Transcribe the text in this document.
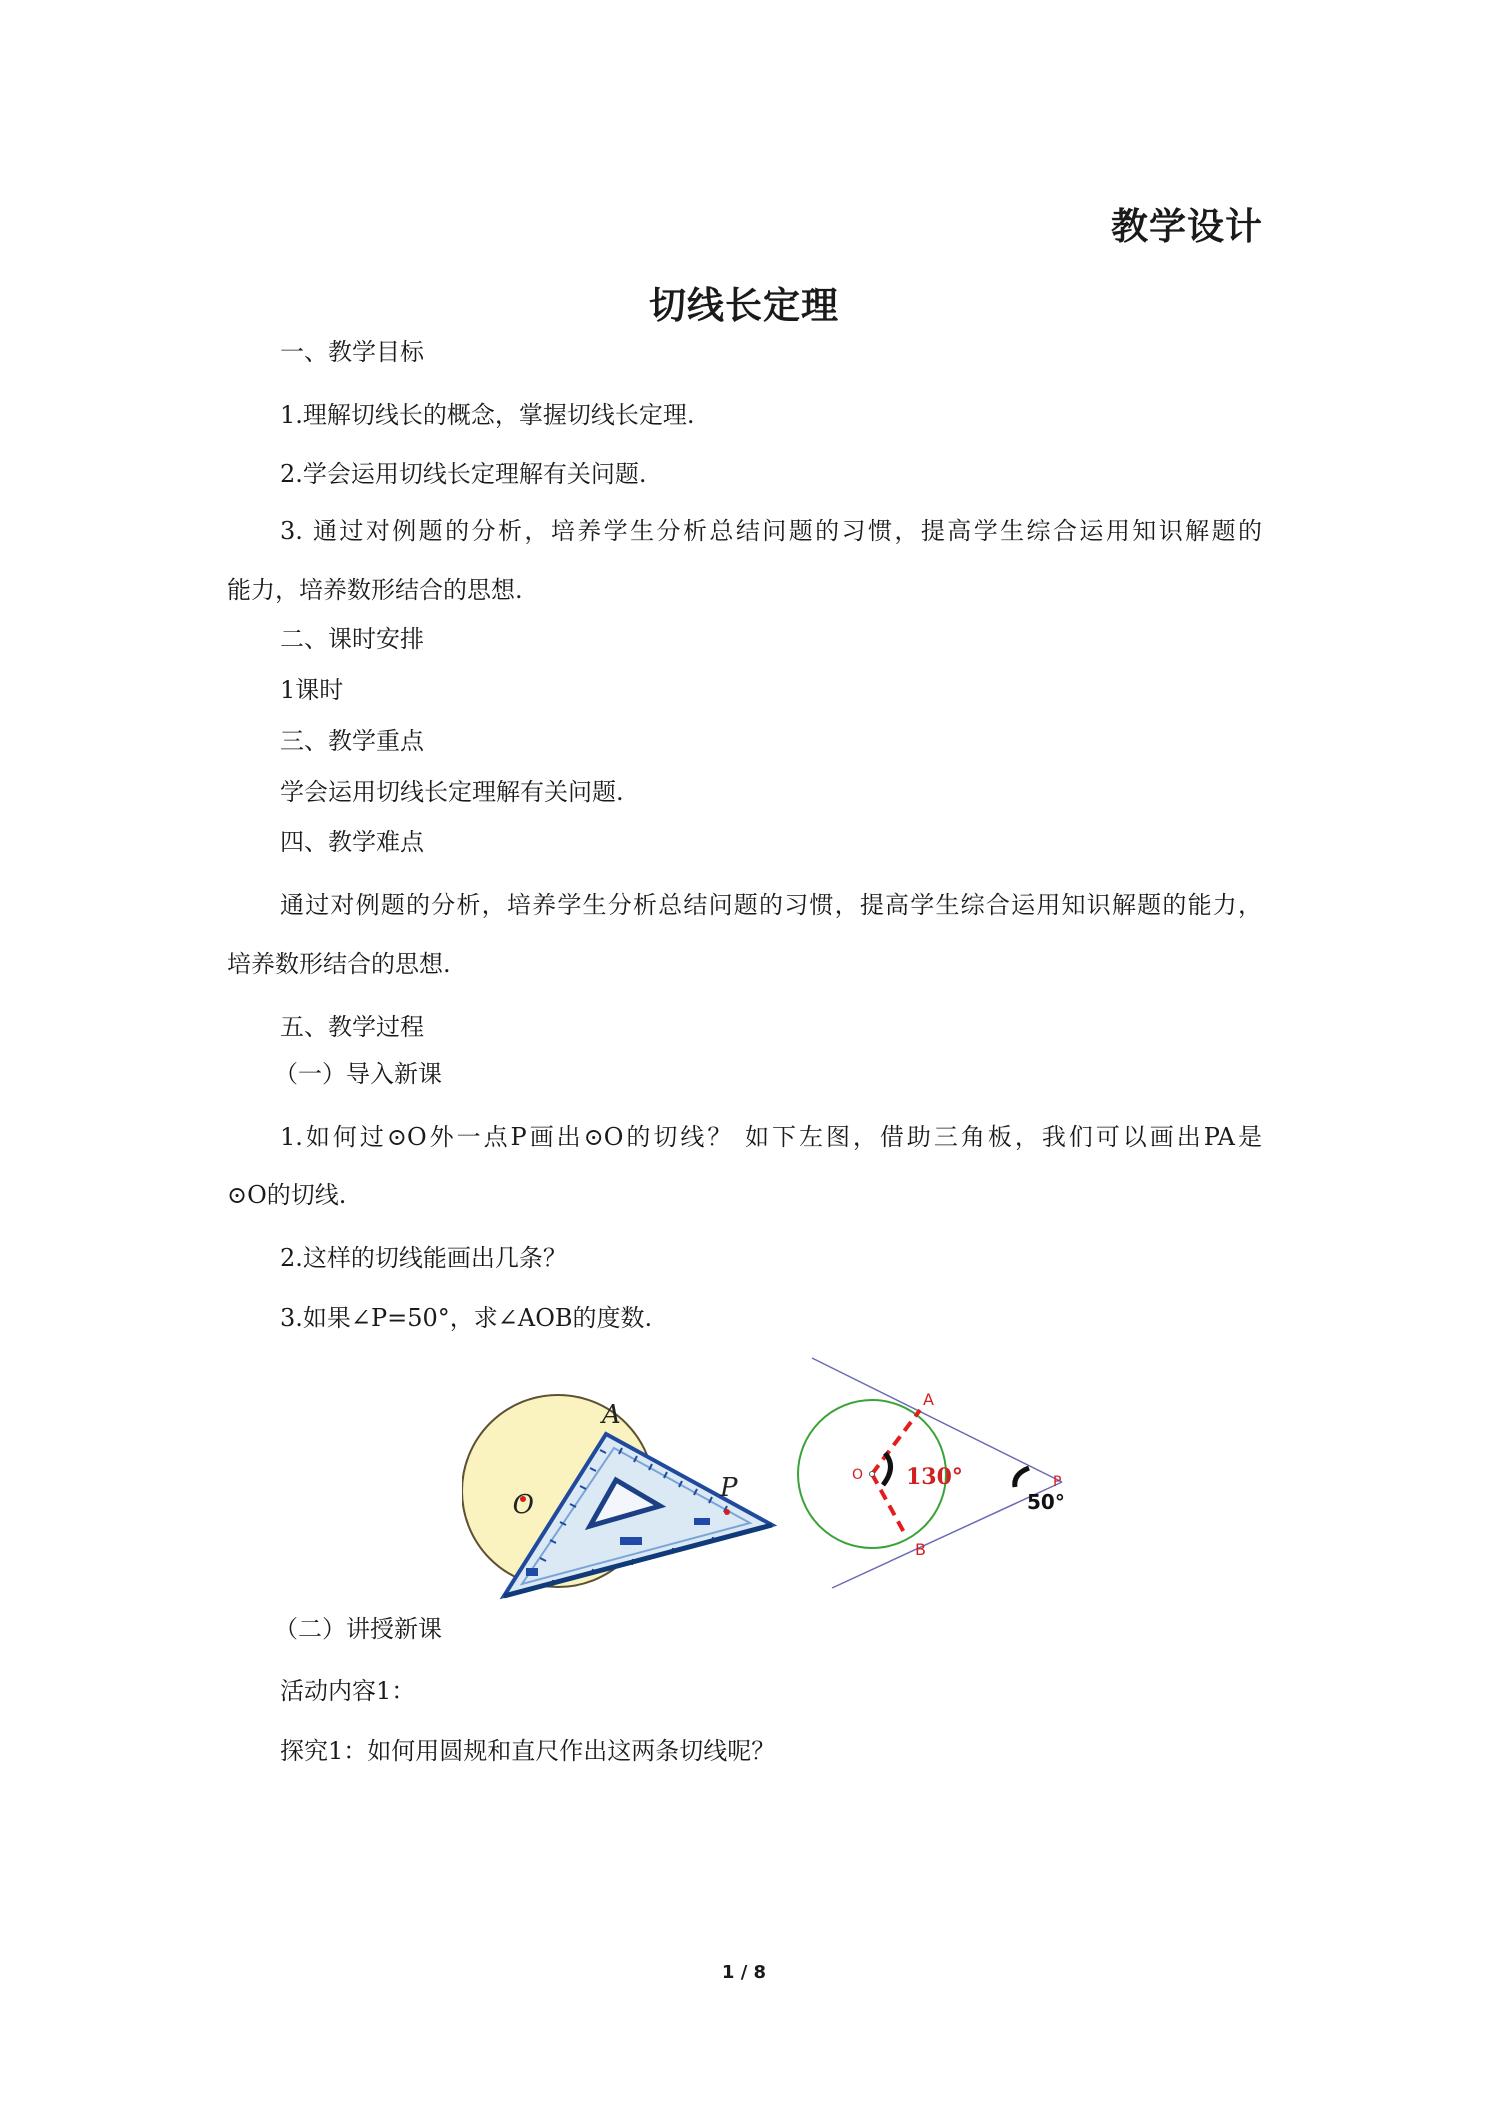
教学设计
切线长定理
一、教学目标
1.理解切线长的概念，掌握切线长定理.
2.学会运用切线长定理解有关问题.
3. 通过对例题的分析，培养学生分析总结问题的习惯，提高学生综合运用知识解题的
能力，培养数形结合的思想.
二、课时安排
1课时
三、教学重点
学会运用切线长定理解有关问题.
四、教学难点
通过对例题的分析，培养学生分析总结问题的习惯，提高学生综合运用知识解题的能力，
培养数形结合的思想.
五、教学过程
（一）导入新课
1.如何过⊙O外一点P画出⊙O的切线？ 如下左图，借助三角板，我们可以画出PA是
⊙O的切线.
2.这样的切线能画出几条？
3.如果∠P=50°，求∠AOB的度数.
A
O
P
A
O
B
P
130°
50°
（二）讲授新课
活动内容1：
探究1：如何用圆规和直尺作出这两条切线呢？
1 / 8
